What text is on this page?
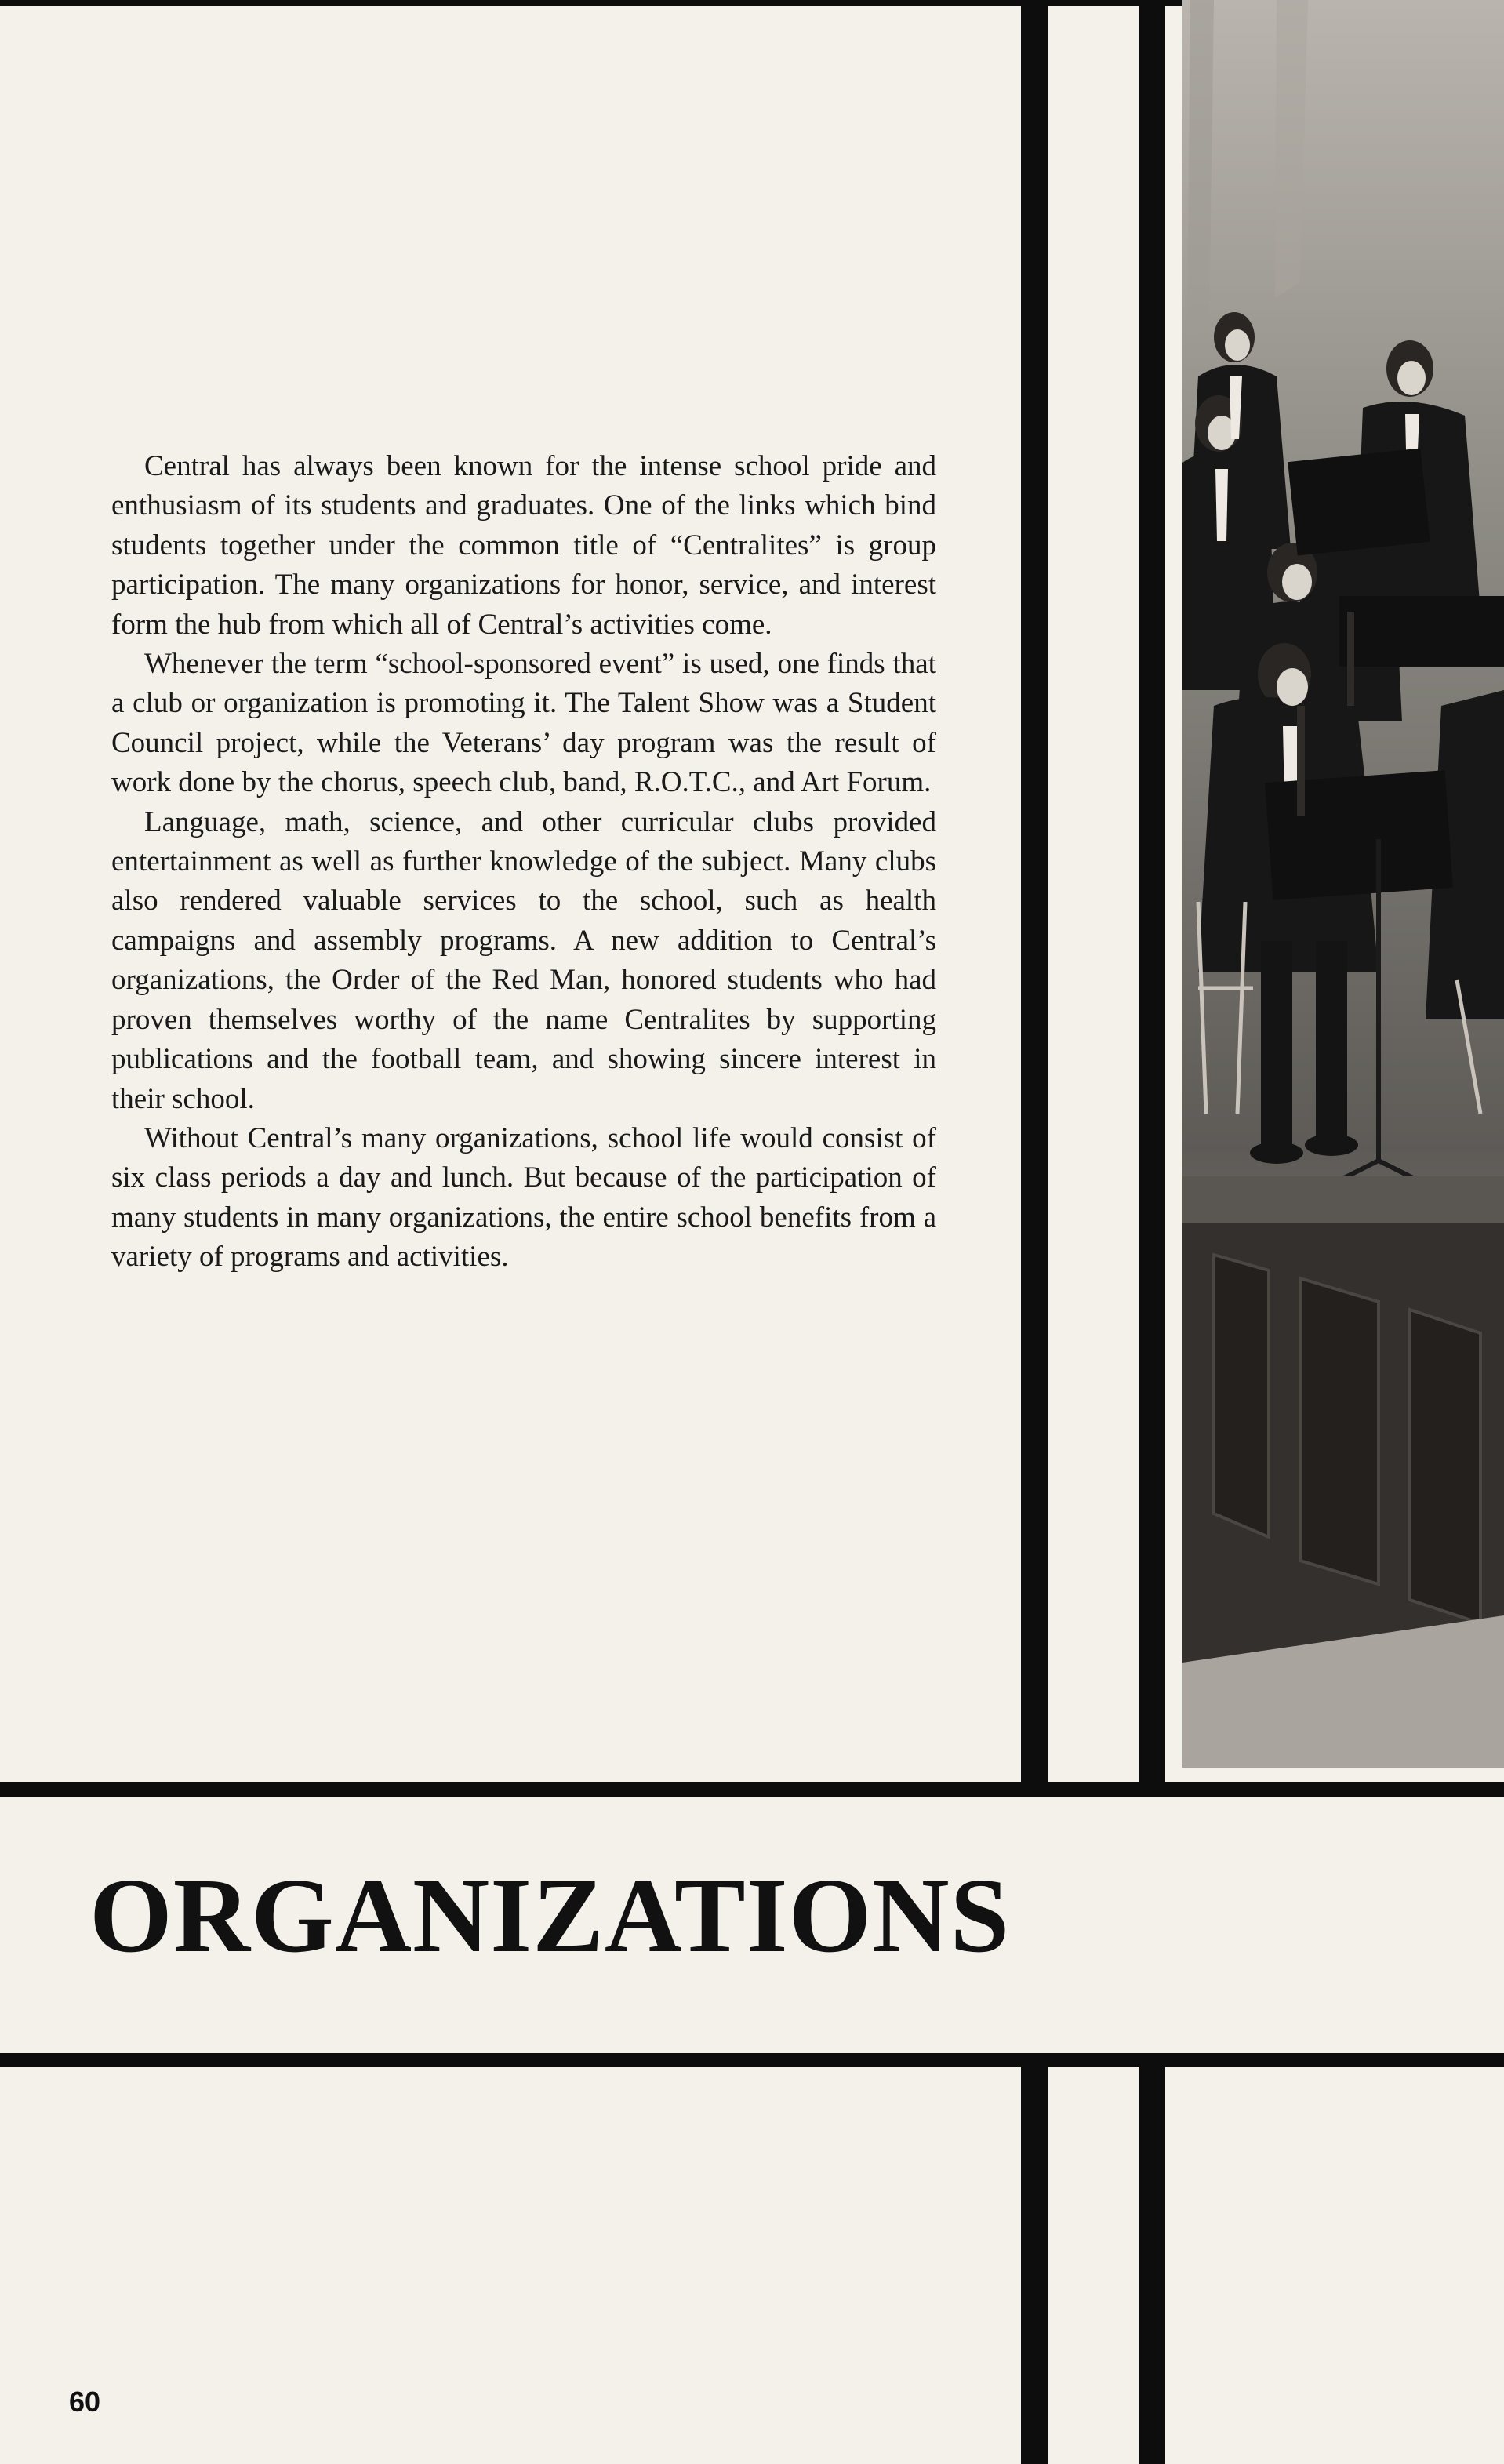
Central has always been known for the intense school pride and enthusiasm of its students and graduates. One of the links which bind students together under the common title of “Centralites” is group participation. The many organizations for honor, service, and interest form the hub from which all of Central’s activities come.

Whenever the term “school-sponsored event” is used, one finds that a club or organization is promoting it. The Talent Show was a Student Council project, while the Veterans’ day program was the result of work done by the chorus, speech club, band, R.O.T.C., and Art Forum.

Language, math, science, and other curricular clubs provided entertainment as well as further knowledge of the subject. Many clubs also rendered valuable services to the school, such as health campaigns and assembly programs. A new addition to Central’s organizations, the Order of the Red Man, honored students who had proven themselves worthy of the name Centralites by supporting publications and the football team, and showing sincere interest in their school.

Without Central’s many organizations, school life would consist of six class periods a day and lunch. But because of the participation of many students in many organizations, the entire school benefits from a variety of programs and activities.

ORGANIZATIONS
60
